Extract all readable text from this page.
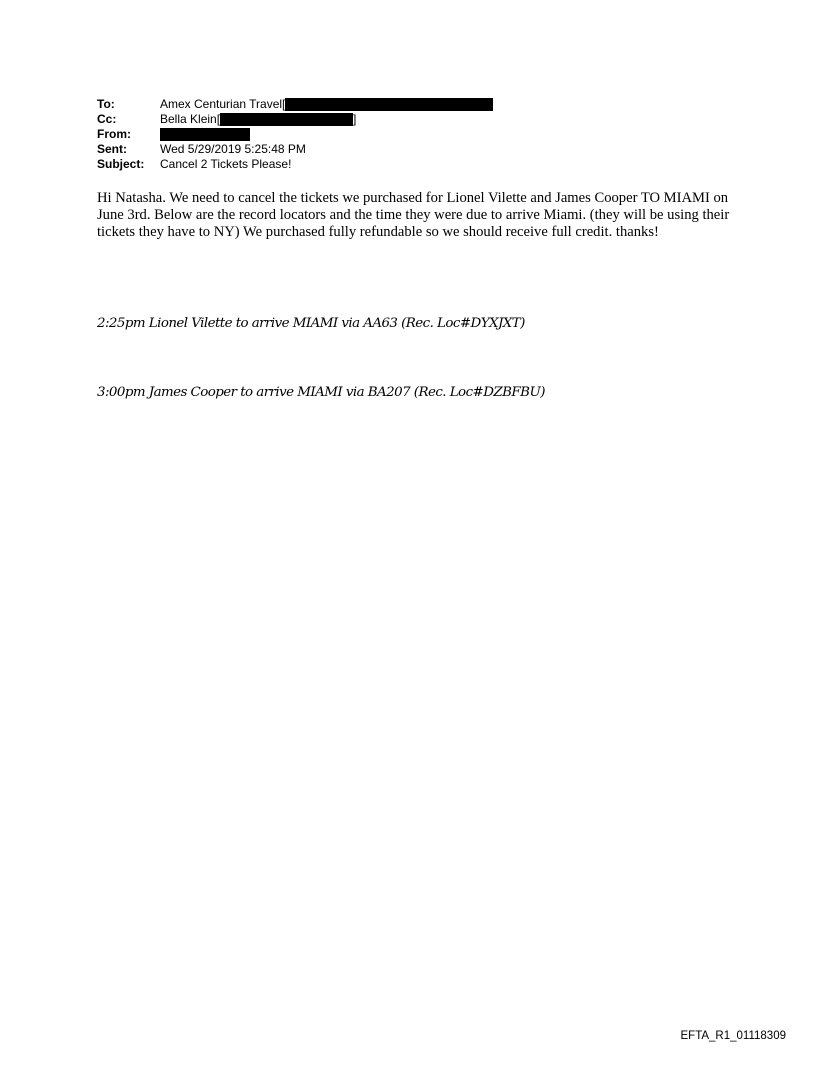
To:	Amex Centurian Travel[
Cc:	Bella Klein[	]
From:
Sent:	Wed 5/29/2019 5:25:48 PM
Subject:	Cancel 2 Tickets Please!

Hi Natasha. We need to cancel the tickets we purchased for Lionel Vilette and James Cooper TO MIAMI on June 3rd. Below are the record locators and the time they were due to arrive Miami. (they will be using their tickets they have to NY) We purchased fully refundable so we should receive full credit. thanks!

2:25pm Lionel Vilette to arrive MIAMI via AA63 (Rec. Loc#DYXJXT)

3:00pm James Cooper to arrive MIAMI via BA207 (Rec. Loc#DZBFBU)

EFTA_R1_01118309
